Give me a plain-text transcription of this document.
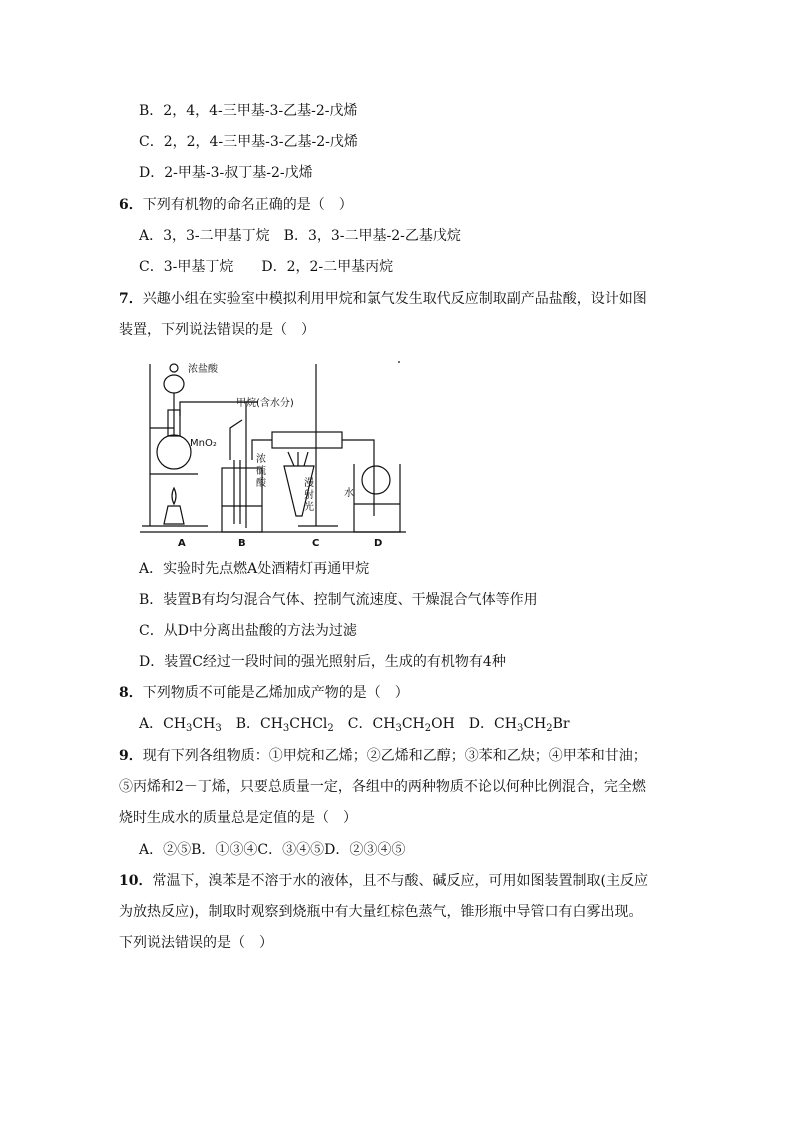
B．2，4，4-三甲基-3-乙基-2-戊烯
C．2，2，4-三甲基-3-乙基-2-戊烯
D．2-甲基-3-叔丁基-2-戊烯
6．下列有机物的命名正确的是（　）
A．3，3-二甲基丁烷　B．3，3-二甲基-2-乙基戊烷
C．3-甲基丁烷　　D．2，2-二甲基丙烷
7．兴趣小组在实验室中模拟利用甲烷和氯气发生取代反应制取副产品盐酸，设计如图
装置，下列说法错误的是（　）
浓盐酸
甲烷(含水分)
MnO₂
浓
硫
酸	漫
射
光
水
A	B	C	D
A．实验时先点燃A处酒精灯再通甲烷
B．装置B有均匀混合气体、控制气流速度、干燥混合气体等作用
C．从D中分离出盐酸的方法为过滤
D．装置C经过一段时间的强光照射后，生成的有机物有4种
8．下列物质不可能是乙烯加成产物的是（　）
A．$CH_3CH_3$　B．$CH_3CHCl_2$　C．$CH_3CH_2OH$　D．$CH_3CH_2Br$
9．现有下列各组物质：①甲烷和乙烯；②乙烯和乙醇；③苯和乙炔；④甲苯和甘油；
⑤丙烯和2－丁烯，只要总质量一定，各组中的两种物质不论以何种比例混合，完全燃
烧时生成水的质量总是定值的是（　）
A．②⑤B．①③④C．③④⑤D．②③④⑤
10．常温下，溴苯是不溶于水的液体，且不与酸、碱反应，可用如图装置制取(主反应
为放热反应)，制取时观察到烧瓶中有大量红棕色蒸气，锥形瓶中导管口有白雾出现。
下列说法错误的是（　）
